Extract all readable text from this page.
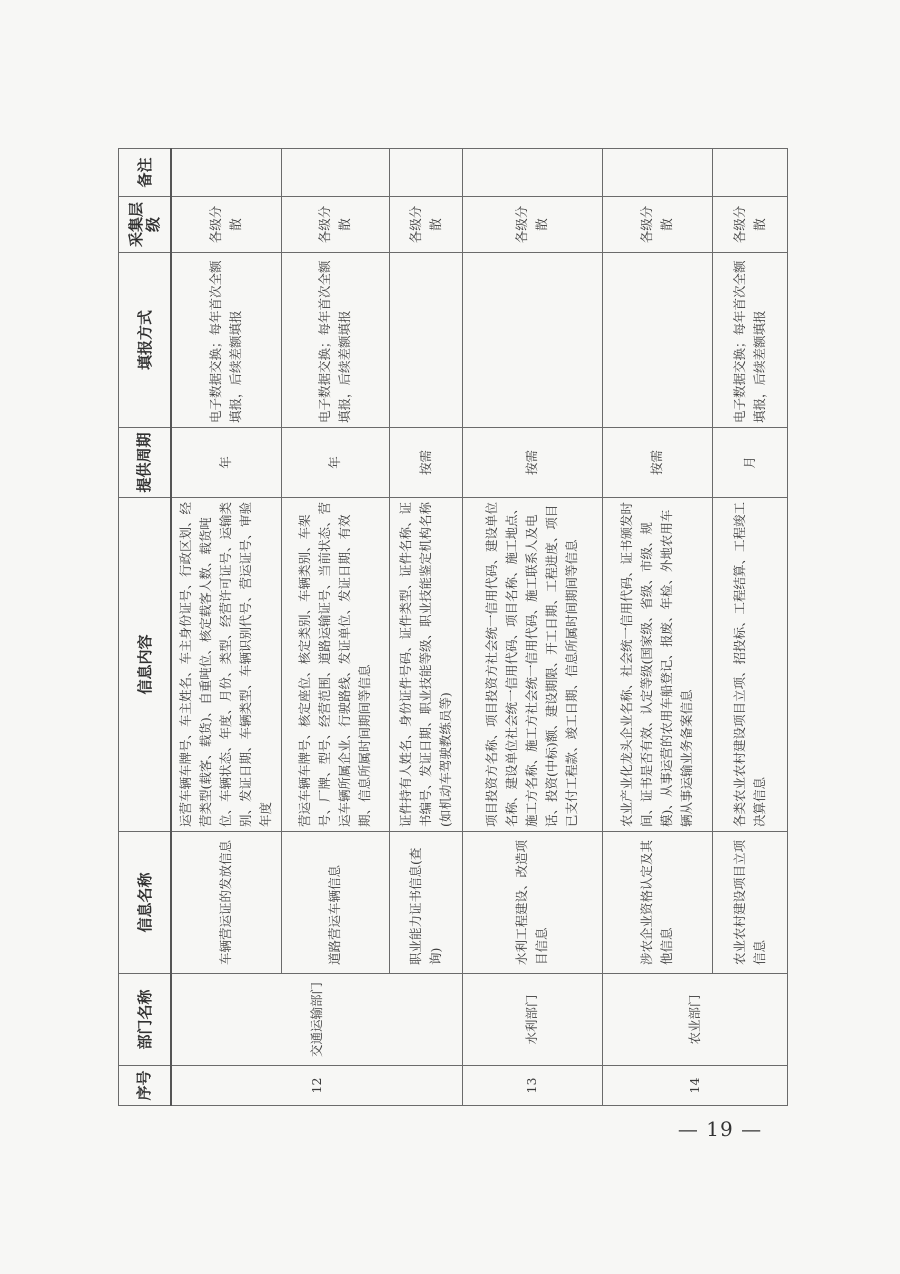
序号	部门名称	信息名称	信息内容	提供周期	填报方式	采集层级	备注
12	交通运输部门	车辆营运证的发放信息	运营车辆车牌号、车主姓名、车主身份证号、行政区划、经营类型(载客、载货)、自重吨位、核定载客人数、载货吨位、车辆状态、年度、月份、类型、经营许可证号、运输类别、发证日期、车辆类型、车辆识别代号、营运证号、审验年度	年	电子数据交换；每年首次全额填报，后续差额填报	各级分散	
		道路营运车辆信息	营运车辆车牌号、核定座位、核定类别、车辆类别、车架号、厂牌、型号、经营范围、道路运输证号、当前状态、营运车辆所属企业、行驶路线、发证单位、发证日期、有效期、信息所属时间期间等信息	年	电子数据交换；每年首次全额填报，后续差额填报	各级分散	
		职业能力证书信息(查询)	证件持有人姓名、身份证件号码、证件类型、证件名称、证书编号、发证日期、职业技能等级、职业技能鉴定机构名称(如机动车驾驶教练员等)	按需		各级分散	
13	水利部门	水利工程建设、改造项目信息	项目投资方名称、项目投资方社会统一信用代码、建设单位名称、建设单位社会统一信用代码、项目名称、施工地点、施工方名称、施工方社会统一信用代码、施工联系人及电话、投资(中标)额、建设期限、开工日期、工程进度、项目已支付工程款、竣工日期、信息所属时间期间等信息	按需		各级分散	
14	农业部门	涉农企业资格认定及其他信息	农业产业化龙头企业名称、社会统一信用代码、证书颁发时间、证书是否有效、认定等级(国家级、省级、市级、规模)、从事运营的农用车船登记、报废、年检、外地农用车辆从事运输业务备案信息	按需		各级分散	
		农业农村建设项目立项信息	各类农业农村建设项目立项、招投标、工程结算、工程竣工决算信息	月	电子数据交换；每年首次全额填报，后续差额填报	各级分散	
— 19 —
